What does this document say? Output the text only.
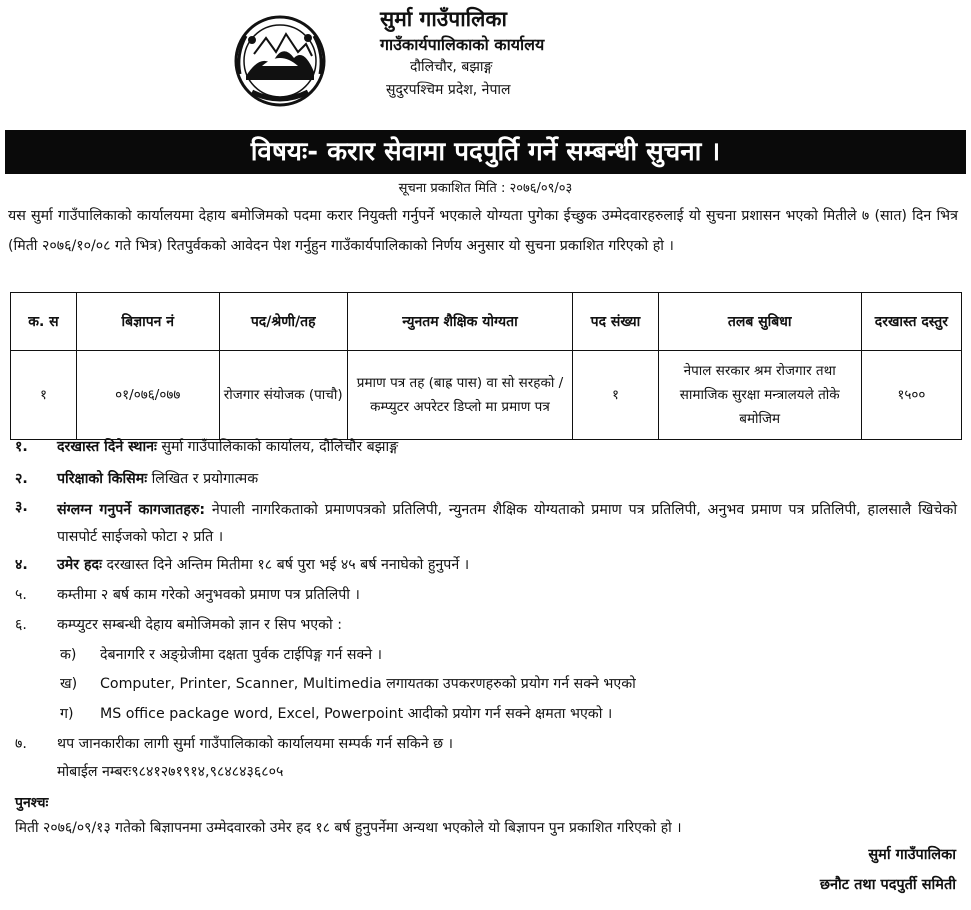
सुर्मा गाउँपालिका
गाउँकार्यपालिकाको कार्यालय
दौलिचौर, बझाङ्ग
सुदुरपश्चिम प्रदेश, नेपाल
विषयः- करार सेवामा पदपुर्ति गर्ने सम्बन्धी सुचना ।
सूचना प्रकाशित मिति : २०७६/०९/०३
यस सुर्मा गाउँपालिकाको कार्यालयमा देहाय बमोजिमको पदमा करार नियुक्ती गर्नुपर्ने भएकाले योग्यता पुगेका ईच्छुक उम्मेदवारहरुलाई यो सुचना प्रशासन भएको मितीले ७ (सात) दिन भित्र (मिती २०७६/१०/०८ गते भित्र) रितपुर्वकको आवेदन पेश गर्नुहुन गाउँकार्यपालिकाको निर्णय अनुसार यो सुचना प्रकाशित गरिएको हो ।
क. स	बिज्ञापन नं	पद/श्रेणी/तह	न्युनतम शैक्षिक योग्यता	पद संख्या	तलब सुबिधा	दरखास्त दस्तुर
१	०१/०७६/०७७	रोजगार संयोजक (पाचौ)	प्रमाण पत्र तह (बाह्र पास) वा सो सरहको /कम्प्युटर अपरेटर डिप्लो मा प्रमाण पत्र	१	नेपाल सरकार श्रम रोजगार तथा सामाजिक सुरक्षा मन्त्रालयले तोके बमोजिम	१५००
१. दरखास्त दिने स्थानः सुर्मा गाउँपालिकाको कार्यालय, दौलिचौर बझाङ्ग
२. परिक्षाको किसिमः लिखित र प्रयोगात्मक
३. संग्लग्न गनुपर्ने कागजातहरु: नेपाली नागरिकताको प्रमाणपत्रको प्रतिलिपी, न्युनतम शैक्षिक योग्यताको प्रमाण पत्र प्रतिलिपी, अनुभव प्रमाण पत्र प्रतिलिपी, हालसालै खिचेको पासपोर्ट साईजको फोटा २ प्रति ।
४. उमेर हदः दरखास्त दिने अन्तिम मितीमा १८ बर्ष पुरा भई ४५ बर्ष ननाघेको हुनुपर्ने ।
५. कम्तीमा २ बर्ष काम गरेको अनुभवको प्रमाण पत्र प्रतिलिपी ।
६. कम्प्युटर सम्बन्धी देहाय बमोजिमको ज्ञान र सिप भएको :
क) देबनागरि र अङ्ग्रेजीमा दक्षता पुर्वक टाईपिङ्ग गर्न सक्ने ।
ख) Computer, Printer, Scanner, Multimedia लगायतका उपकरणहरुको प्रयोग गर्न सक्ने भएको
ग) MS office package word, Excel, Powerpoint आदीको प्रयोग गर्न सक्ने क्षमता भएको ।
७. थप जानकारीका लागी सुर्मा गाउँपालिकाको कार्यालयमा सम्पर्क गर्न सकिने छ ।
मोबाईल नम्बरः९८४१२७१९१४,९८४८४३६८०५
पुनश्चः
मिती २०७६/०९/१३ गतेको बिज्ञापनमा उम्मेदवारको उमेर हद १८ बर्ष हुनुपर्नेमा अन्यथा भएकोले यो बिज्ञापन पुन प्रकाशित गरिएको हो ।
सुर्मा गाउँपालिका
छनौट तथा पदपुर्ती समिती
